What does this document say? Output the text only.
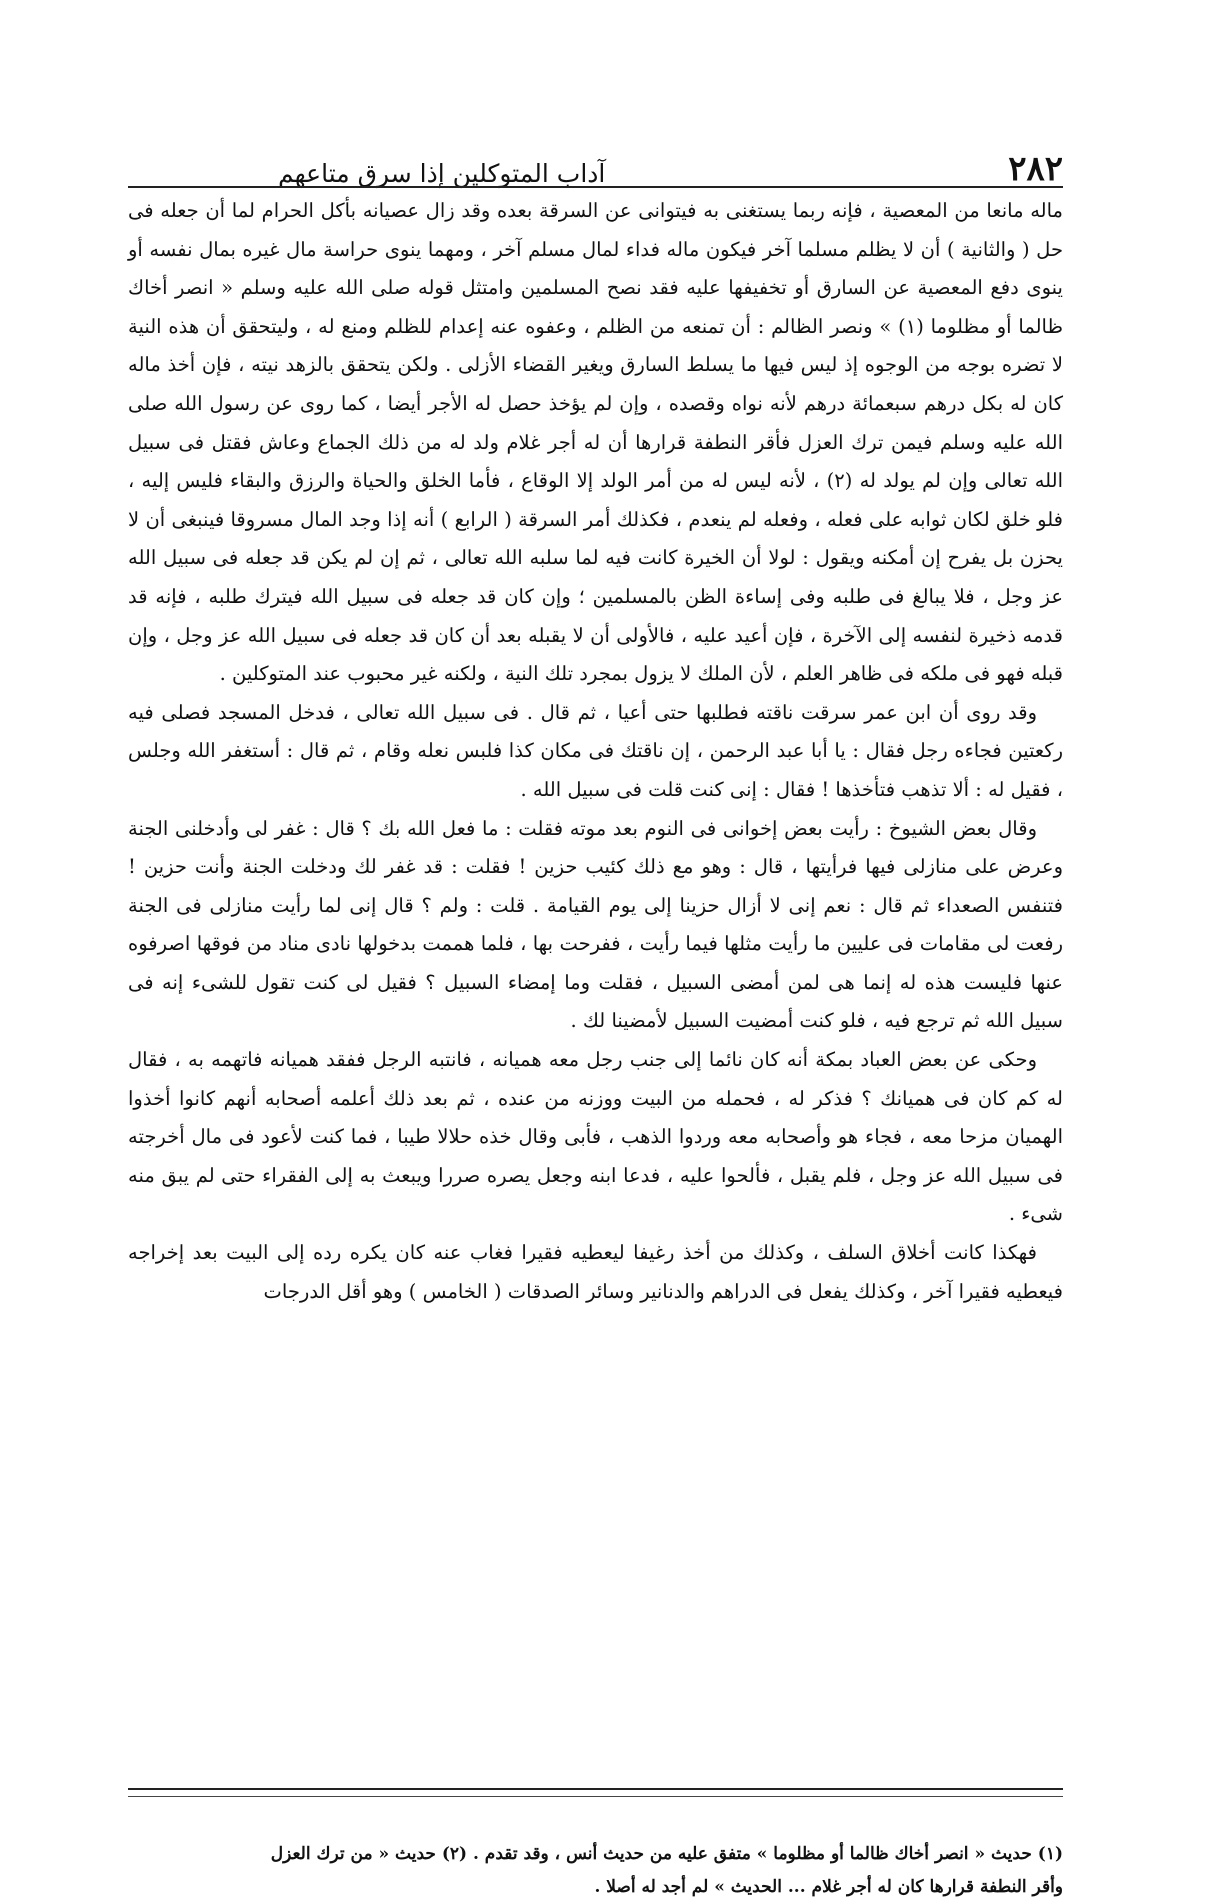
٢٨٢
آداب المتوكلين إذا سرق متاعهم

ماله مانعا من المعصية ، فإنه ربما يستغنى به فيتوانى عن السرقة بعده وقد زال عصيانه بأكل الحرام لما أن جعله فى حل ( والثانية ) أن لا يظلم مسلما آخر فيكون ماله فداء لمال مسلم آخر ، ومهما ينوى حراسة مال غيره بمال نفسه أو ينوى دفع المعصية عن السارق أو تخفيفها عليه فقد نصح المسلمين وامتثل قوله صلى الله عليه وسلم « انصر أخاك ظالما أو مظلوما (١) » ونصر الظالم : أن تمنعه من الظلم ، وعفوه عنه إعدام للظلم ومنع له ، وليتحقق أن هذه النية لا تضره بوجه من الوجوه إذ ليس فيها ما يسلط السارق ويغير القضاء الأزلى . ولكن يتحقق بالزهد نيته ، فإن أخذ ماله كان له بكل درهم سبعمائة درهم لأنه نواه وقصده ، وإن لم يؤخذ حصل له الأجر أيضا ، كما روى عن رسول الله صلى الله عليه وسلم فيمن ترك العزل فأقر النطفة قرارها أن له أجر غلام ولد له من ذلك الجماع وعاش فقتل فى سبيل الله تعالى وإن لم يولد له (٢) ، لأنه ليس له من أمر الولد إلا الوقاع ، فأما الخلق والحياة والرزق والبقاء فليس إليه ، فلو خلق لكان ثوابه على فعله ، وفعله لم ينعدم ، فكذلك أمر السرقة ( الرابع ) أنه إذا وجد المال مسروقا فينبغى أن لا يحزن بل يفرح إن أمكنه ويقول : لولا أن الخيرة كانت فيه لما سلبه الله تعالى ، ثم إن لم يكن قد جعله فى سبيل الله عز وجل ، فلا يبالغ فى طلبه وفى إساءة الظن بالمسلمين ؛ وإن كان قد جعله فى سبيل الله فيترك طلبه ، فإنه قد قدمه ذخيرة لنفسه إلى الآخرة ، فإن أعيد عليه ، فالأولى أن لا يقبله بعد أن كان قد جعله فى سبيل الله عز وجل ، وإن قبله فهو فى ملكه فى ظاهر العلم ، لأن الملك لا يزول بمجرد تلك النية ، ولكنه غير محبوب عند المتوكلين .

وقد روى أن ابن عمر سرقت ناقته فطلبها حتى أعيا ، ثم قال . فى سبيل الله تعالى ، فدخل المسجد فصلى فيه ركعتين فجاءه رجل فقال : يا أبا عبد الرحمن ، إن ناقتك فى مكان كذا فلبس نعله وقام ، ثم قال : أستغفر الله وجلس ، فقيل له : ألا تذهب فتأخذها ! فقال : إنى كنت قلت فى سبيل الله .

وقال بعض الشيوخ : رأيت بعض إخوانى فى النوم بعد موته فقلت : ما فعل الله بك ؟ قال : غفر لى وأدخلنى الجنة وعرض على منازلى فيها فرأيتها ، قال : وهو مع ذلك كئيب حزين ! فقلت : قد غفر لك ودخلت الجنة وأنت حزين ! فتنفس الصعداء ثم قال : نعم إنى لا أزال حزينا إلى يوم القيامة . قلت : ولم ؟ قال إنى لما رأيت منازلى فى الجنة رفعت لى مقامات فى عليين ما رأيت مثلها فيما رأيت ، ففرحت بها ، فلما هممت بدخولها نادى مناد من فوقها اصرفوه عنها فليست هذه له إنما هى لمن أمضى السبيل ، فقلت وما إمضاء السبيل ؟ فقيل لى كنت تقول للشىء إنه فى سبيل الله ثم ترجع فيه ، فلو كنت أمضيت السبيل لأمضينا لك .

وحكى عن بعض العباد بمكة أنه كان نائما إلى جنب رجل معه هميانه ، فانتبه الرجل ففقد هميانه فاتهمه به ، فقال له كم كان فى هميانك ؟ فذكر له ، فحمله من البيت ووزنه من عنده ، ثم بعد ذلك أعلمه أصحابه أنهم كانوا أخذوا الهميان مزحا معه ، فجاء هو وأصحابه معه وردوا الذهب ، فأبى وقال خذه حلالا طيبا ، فما كنت لأعود فى مال أخرجته فى سبيل الله عز وجل ، فلم يقبل ، فألحوا عليه ، فدعا ابنه وجعل يصره صررا ويبعث به إلى الفقراء حتى لم يبق منه شىء .

فهكذا كانت أخلاق السلف ، وكذلك من أخذ رغيفا ليعطيه فقيرا فغاب عنه كان يكره رده إلى البيت بعد إخراجه فيعطيه فقيرا آخر ، وكذلك يفعل فى الدراهم والدنانير وسائر الصدقات ( الخامس ) وهو أقل الدرجات

(١) حديث « انصر أخاك ظالما أو مظلوما » متفق عليه من حديث أنس ، وقد تقدم . (٢) حديث « من ترك العزل

وأقر النطفة قرارها كان له أجر غلام ... الحديث » لم أجد له أصلا .
